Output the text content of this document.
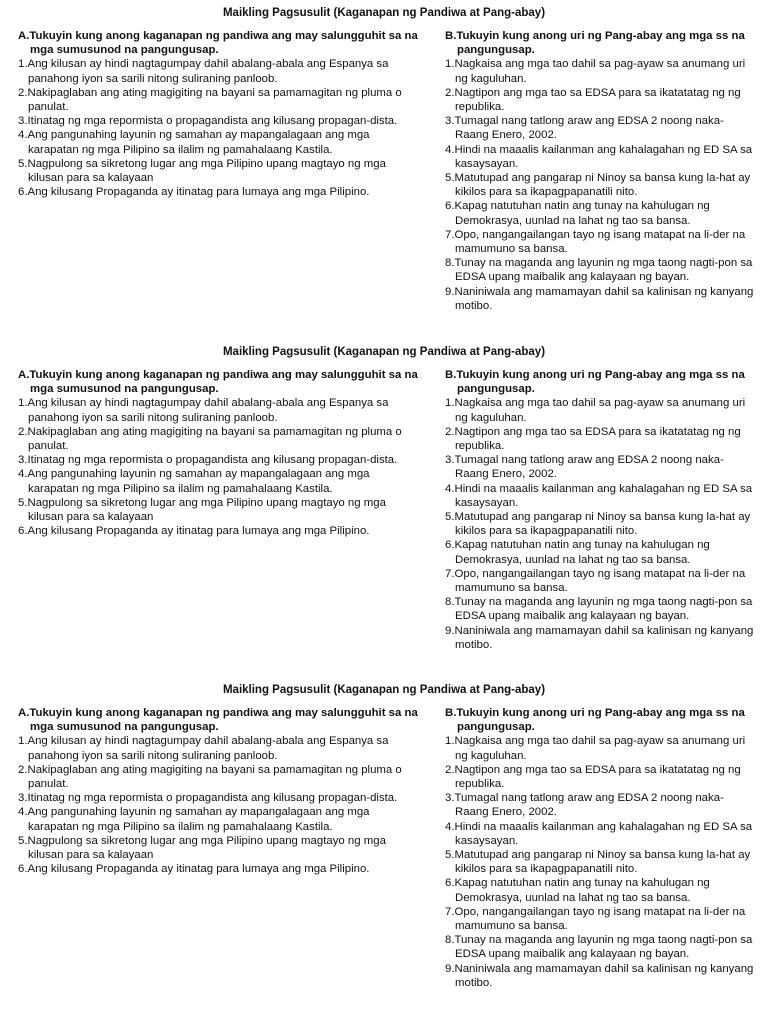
Maikling Pagsusulit (Kaganapan ng Pandiwa at Pang-abay)
A.Tukuyin kung anong kaganapan ng pandiwa ang may salungguhit sa na mga sumusunod na pangungusap.
1.Ang kilusan ay hindi nagtagumpay dahil abalang-abala ang Espanya sa panahong iyon sa sarili nitong suliraning panloob.
2.Nakipaglaban ang ating magigiting na bayani sa pamamagitan ng pluma o panulat.
3.Itinatag ng mga repormista o propagandista ang kilusang propagan-dista.
4.Ang pangunahing layunin ng samahan ay mapangalagaan ang mga karapatan ng mga Pilipino sa ilalim ng pamahalaang Kastila.
5.Nagpulong sa sikretong lugar ang mga Pilipino upang magtayo ng mga kilusan para sa kalayaan
6.Ang kilusang Propaganda ay itinatag para lumaya ang mga Pilipino.
B.Tukuyin kung anong uri ng Pang-abay ang mga ss na pangungusap.
1.Nagkaisa ang mga tao dahil sa pag-ayaw sa anumang uri ng kaguluhan.
2.Nagtipon ang mga tao sa EDSA para sa ikatatatag ng ng republika.
3.Tumagal nang tatlong araw ang EDSA 2 noong naka-Raang Enero, 2002.
4.Hindi na maaalis kailanman ang kahalagahan ng ED SA sa kasaysayan.
5.Matutupad ang pangarap ni Ninoy sa bansa kung la-hat ay kikilos para sa ikapagpapanatili nito.
6.Kapag natutuhan natin ang tunay na kahulugan ng Demokrasya, uunlad na lahat ng tao sa bansa.
7.Opo, nangangailangan tayo ng isang matapat na li-der na mamumuno sa bansa.
8.Tunay na maganda ang layunin ng mga taong nagti-pon sa EDSA upang maibalik ang kalayaan ng bayan.
9.Naniniwala ang mamamayan dahil sa kalinisan ng kanyang motibo.
Maikling Pagsusulit (Kaganapan ng Pandiwa at Pang-abay)
A.Tukuyin kung anong kaganapan ng pandiwa ang may salungguhit sa na mga sumusunod na pangungusap.
1.Ang kilusan ay hindi nagtagumpay dahil abalang-abala ang Espanya sa panahong iyon sa sarili nitong suliraning panloob.
2.Nakipaglaban ang ating magigiting na bayani sa pamamagitan ng pluma o panulat.
3.Itinatag ng mga repormista o propagandista ang kilusang propagan-dista.
4.Ang pangunahing layunin ng samahan ay mapangalagaan ang mga karapatan ng mga Pilipino sa ilalim ng pamahalaang Kastila.
5.Nagpulong sa sikretong lugar ang mga Pilipino upang magtayo ng mga kilusan para sa kalayaan
6.Ang kilusang Propaganda ay itinatag para lumaya ang mga Pilipino.
B.Tukuyin kung anong uri ng Pang-abay ang mga ss na pangungusap.
1.Nagkaisa ang mga tao dahil sa pag-ayaw sa anumang uri ng kaguluhan.
2.Nagtipon ang mga tao sa EDSA para sa ikatatatag ng ng republika.
3.Tumagal nang tatlong araw ang EDSA 2 noong naka-Raang Enero, 2002.
4.Hindi na maaalis kailanman ang kahalagahan ng ED SA sa kasaysayan.
5.Matutupad ang pangarap ni Ninoy sa bansa kung la-hat ay kikilos para sa ikapagpapanatili nito.
6.Kapag natutuhan natin ang tunay na kahulugan ng Demokrasya, uunlad na lahat ng tao sa bansa.
7.Opo, nangangailangan tayo ng isang matapat na li-der na mamumuno sa bansa.
8.Tunay na maganda ang layunin ng mga taong nagti-pon sa EDSA upang maibalik ang kalayaan ng bayan.
9.Naniniwala ang mamamayan dahil sa kalinisan ng kanyang motibo.
Maikling Pagsusulit (Kaganapan ng Pandiwa at Pang-abay)
A.Tukuyin kung anong kaganapan ng pandiwa ang may salungguhit sa na mga sumusunod na pangungusap.
1.Ang kilusan ay hindi nagtagumpay dahil abalang-abala ang Espanya sa panahong iyon sa sarili nitong suliraning panloob.
2.Nakipaglaban ang ating magigiting na bayani sa pamamagitan ng pluma o panulat.
3.Itinatag ng mga repormista o propagandista ang kilusang propagan-dista.
4.Ang pangunahing layunin ng samahan ay mapangalagaan ang mga karapatan ng mga Pilipino sa ilalim ng pamahalaang Kastila.
5.Nagpulong sa sikretong lugar ang mga Pilipino upang magtayo ng mga kilusan para sa kalayaan
6.Ang kilusang Propaganda ay itinatag para lumaya ang mga Pilipino.
B.Tukuyin kung anong uri ng Pang-abay ang mga ss na pangungusap.
1.Nagkaisa ang mga tao dahil sa pag-ayaw sa anumang uri ng kaguluhan.
2.Nagtipon ang mga tao sa EDSA para sa ikatatatag ng ng republika.
3.Tumagal nang tatlong araw ang EDSA 2 noong naka-Raang Enero, 2002.
4.Hindi na maaalis kailanman ang kahalagahan ng ED SA sa kasaysayan.
5.Matutupad ang pangarap ni Ninoy sa bansa kung la-hat ay kikilos para sa ikapagpapanatili nito.
6.Kapag natutuhan natin ang tunay na kahulugan ng Demokrasya, uunlad na lahat ng tao sa bansa.
7.Opo, nangangailangan tayo ng isang matapat na li-der na mamumuno sa bansa.
8.Tunay na maganda ang layunin ng mga taong nagti-pon sa EDSA upang maibalik ang kalayaan ng bayan.
9.Naniniwala ang mamamayan dahil sa kalinisan ng kanyang motibo.
